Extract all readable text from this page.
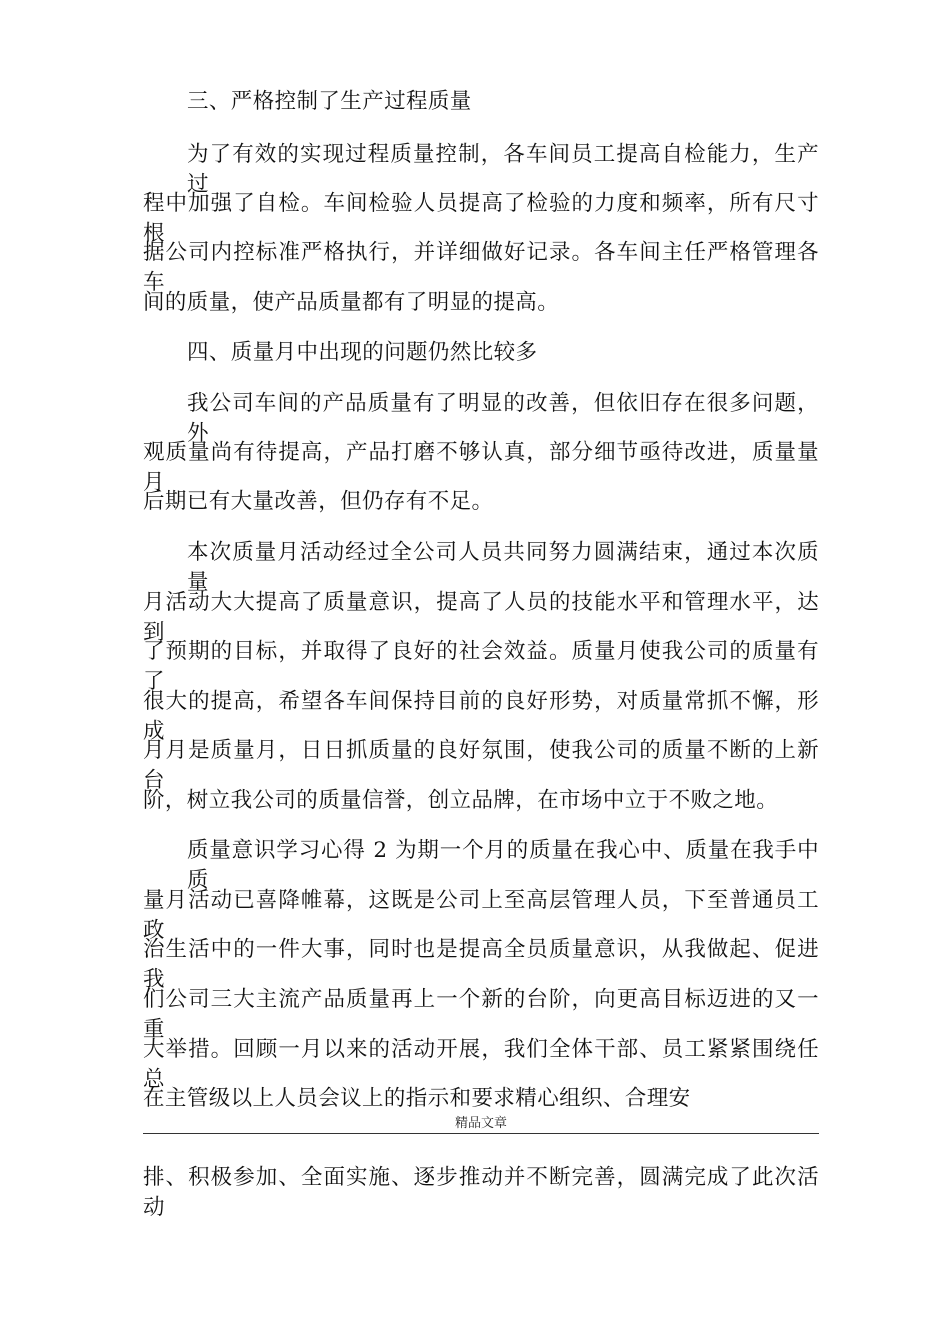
三、严格控制了生产过程质量
为了有效的实现过程质量控制，各车间员工提高自检能力，生产过
程中加强了自检。车间检验人员提高了检验的力度和频率，所有尺寸根
据公司内控标准严格执行，并详细做好记录。各车间主任严格管理各车
间的质量，使产品质量都有了明显的提高。
四、质量月中出现的问题仍然比较多
我公司车间的产品质量有了明显的改善，但依旧存在很多问题，外
观质量尚有待提高，产品打磨不够认真，部分细节亟待改进，质量量月
后期已有大量改善，但仍存有不足。
本次质量月活动经过全公司人员共同努力圆满结束，通过本次质量
月活动大大提高了质量意识，提高了人员的技能水平和管理水平，达到
了预期的目标，并取得了良好的社会效益。质量月使我公司的质量有了
很大的提高，希望各车间保持目前的良好形势，对质量常抓不懈，形成
月月是质量月，日日抓质量的良好氛围，使我公司的质量不断的上新台
阶，树立我公司的质量信誉，创立品牌，在市场中立于不败之地。
质量意识学习心得 2 为期一个月的质量在我心中、质量在我手中质
量月活动已喜降帷幕，这既是公司上至高层管理人员，下至普通员工政
治生活中的一件大事，同时也是提高全员质量意识，从我做起、促进我
们公司三大主流产品质量再上一个新的台阶，向更高目标迈进的又一重
大举措。回顾一月以来的活动开展，我们全体干部、员工紧紧围绕任总
在主管级以上人员会议上的指示和要求精心组织、合理安
精品文章
排、积极参加、全面实施、逐步推动并不断完善，圆满完成了此次活动
